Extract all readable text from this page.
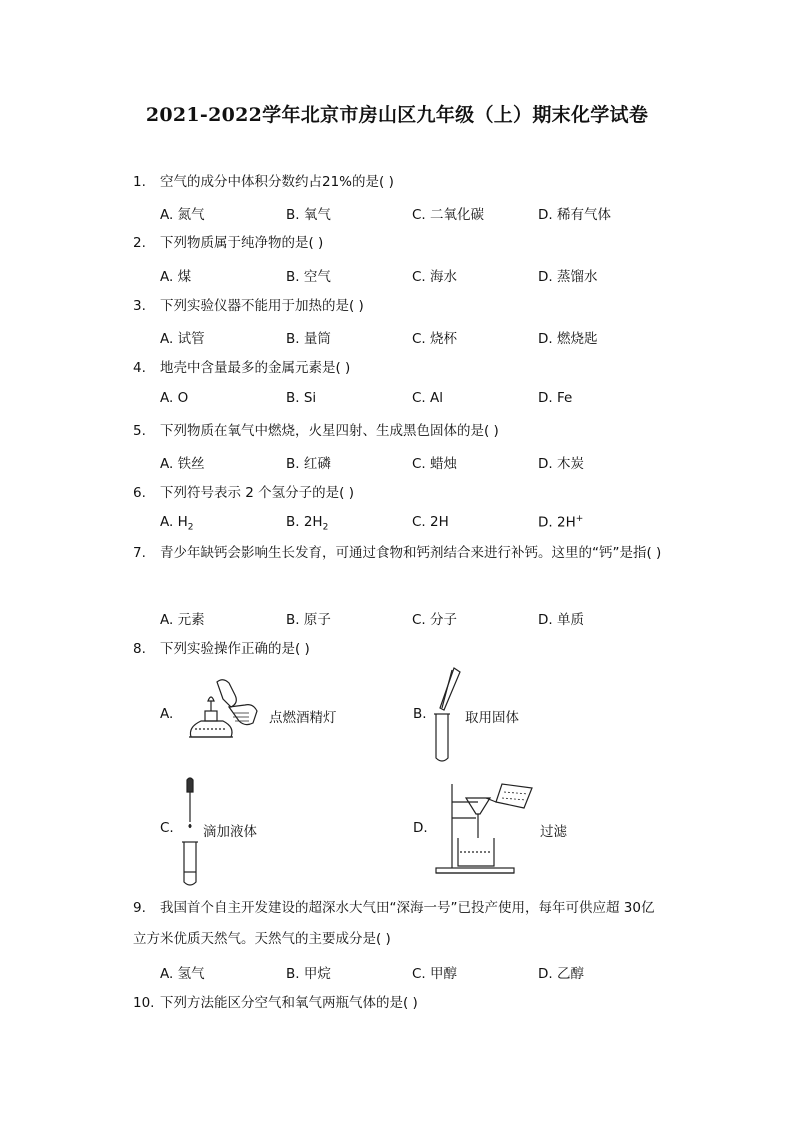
2021-2022学年北京市房山区九年级（上）期末化学试卷
1. 空气的成分中体积分数约占21%的是( )
A. 氮气	B. 氧气	C. 二氧化碳	D. 稀有气体
2. 下列物质属于纯净物的是( )
A. 煤	B. 空气	C. 海水	D. 蒸馏水
3. 下列实验仪器不能用于加热的是( )
A. 试管	B. 量筒	C. 烧杯	D. 燃烧匙
4. 地壳中含量最多的金属元素是( )
A. O	B. Si	C. Al	D. Fe
5. 下列物质在氧气中燃烧，火星四射、生成黑色固体的是( )
A. 铁丝	B. 红磷	C. 蜡烛	D. 木炭
6. 下列符号表示 2 个氢分子的是( )
A. $H_2$	B. $2H_2$	C. 2H	D. 2H+
7. 青少年缺钙会影响生长发育，可通过食物和钙剂结合来进行补钙。这里的“钙”是指( )
A. 元素	B. 原子	C. 分子	D. 单质
8. 下列实验操作正确的是( )
A.	点燃酒精灯	B.	取用固体
C. 滴加液体	D.	过滤
9. 我国首个自主开发建设的超深水大气田“深海一号”已投产使用，每年可供应超 30亿立方米优质天然气。天然气的主要成分是( )
A. 氢气	B. 甲烷	C. 甲醇	D. 乙醇
10. 下列方法能区分空气和氧气两瓶气体的是( )
